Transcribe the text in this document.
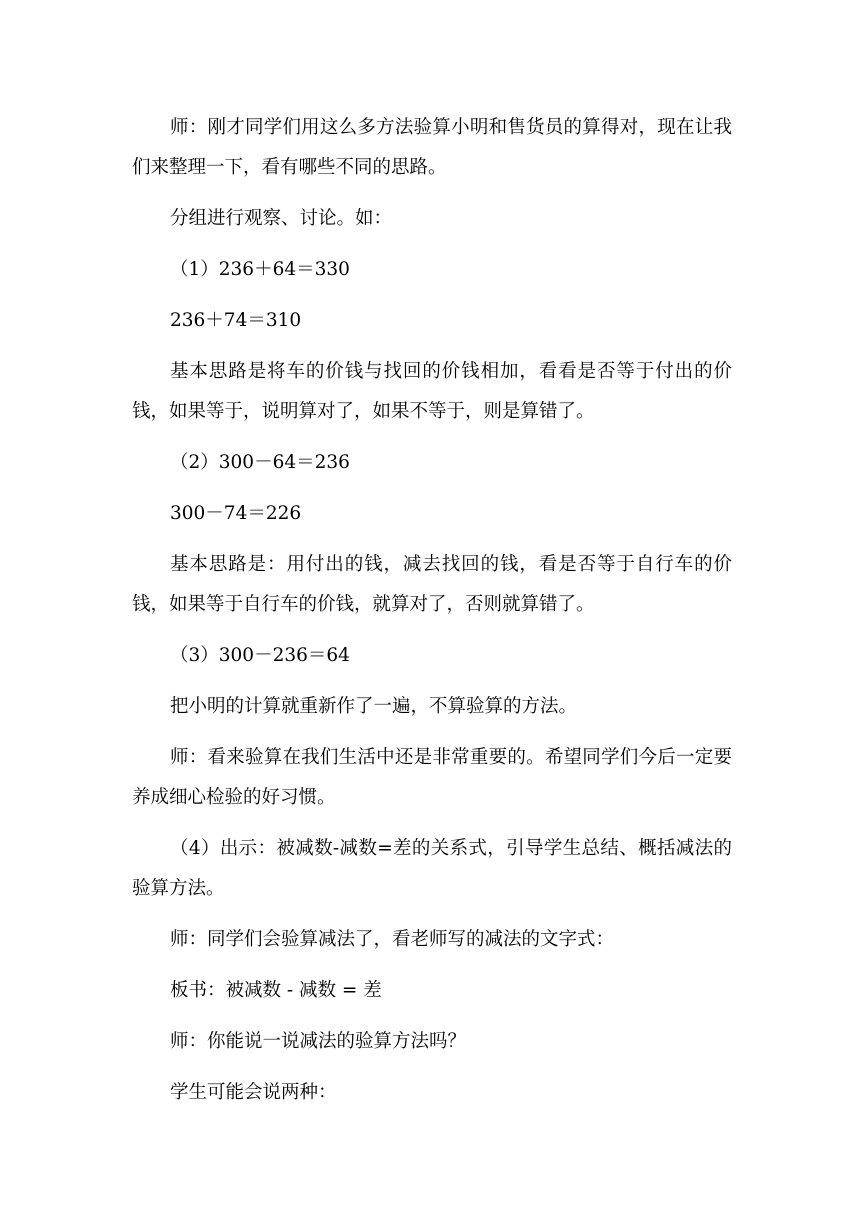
师：刚才同学们用这么多方法验算小明和售货员的算得对，现在让我们来整理一下，看有哪些不同的思路。

分组进行观察、讨论。如：

（1）236＋64＝330

236＋74＝310

基本思路是将车的价钱与找回的价钱相加，看看是否等于付出的价钱，如果等于，说明算对了，如果不等于，则是算错了。

（2）300－64＝236

300－74＝226

基本思路是：用付出的钱，减去找回的钱，看是否等于自行车的价钱，如果等于自行车的价钱，就算对了，否则就算错了。

（3）300－236＝64

把小明的计算就重新作了一遍，不算验算的方法。

师：看来验算在我们生活中还是非常重要的。希望同学们今后一定要养成细心检验的好习惯。

（4）出示：被减数-减数=差的关系式，引导学生总结、概括减法的验算方法。

师：同学们会验算减法了，看老师写的减法的文字式：

板书：被减数 - 减数 = 差

师：你能说一说减法的验算方法吗？

学生可能会说两种：
